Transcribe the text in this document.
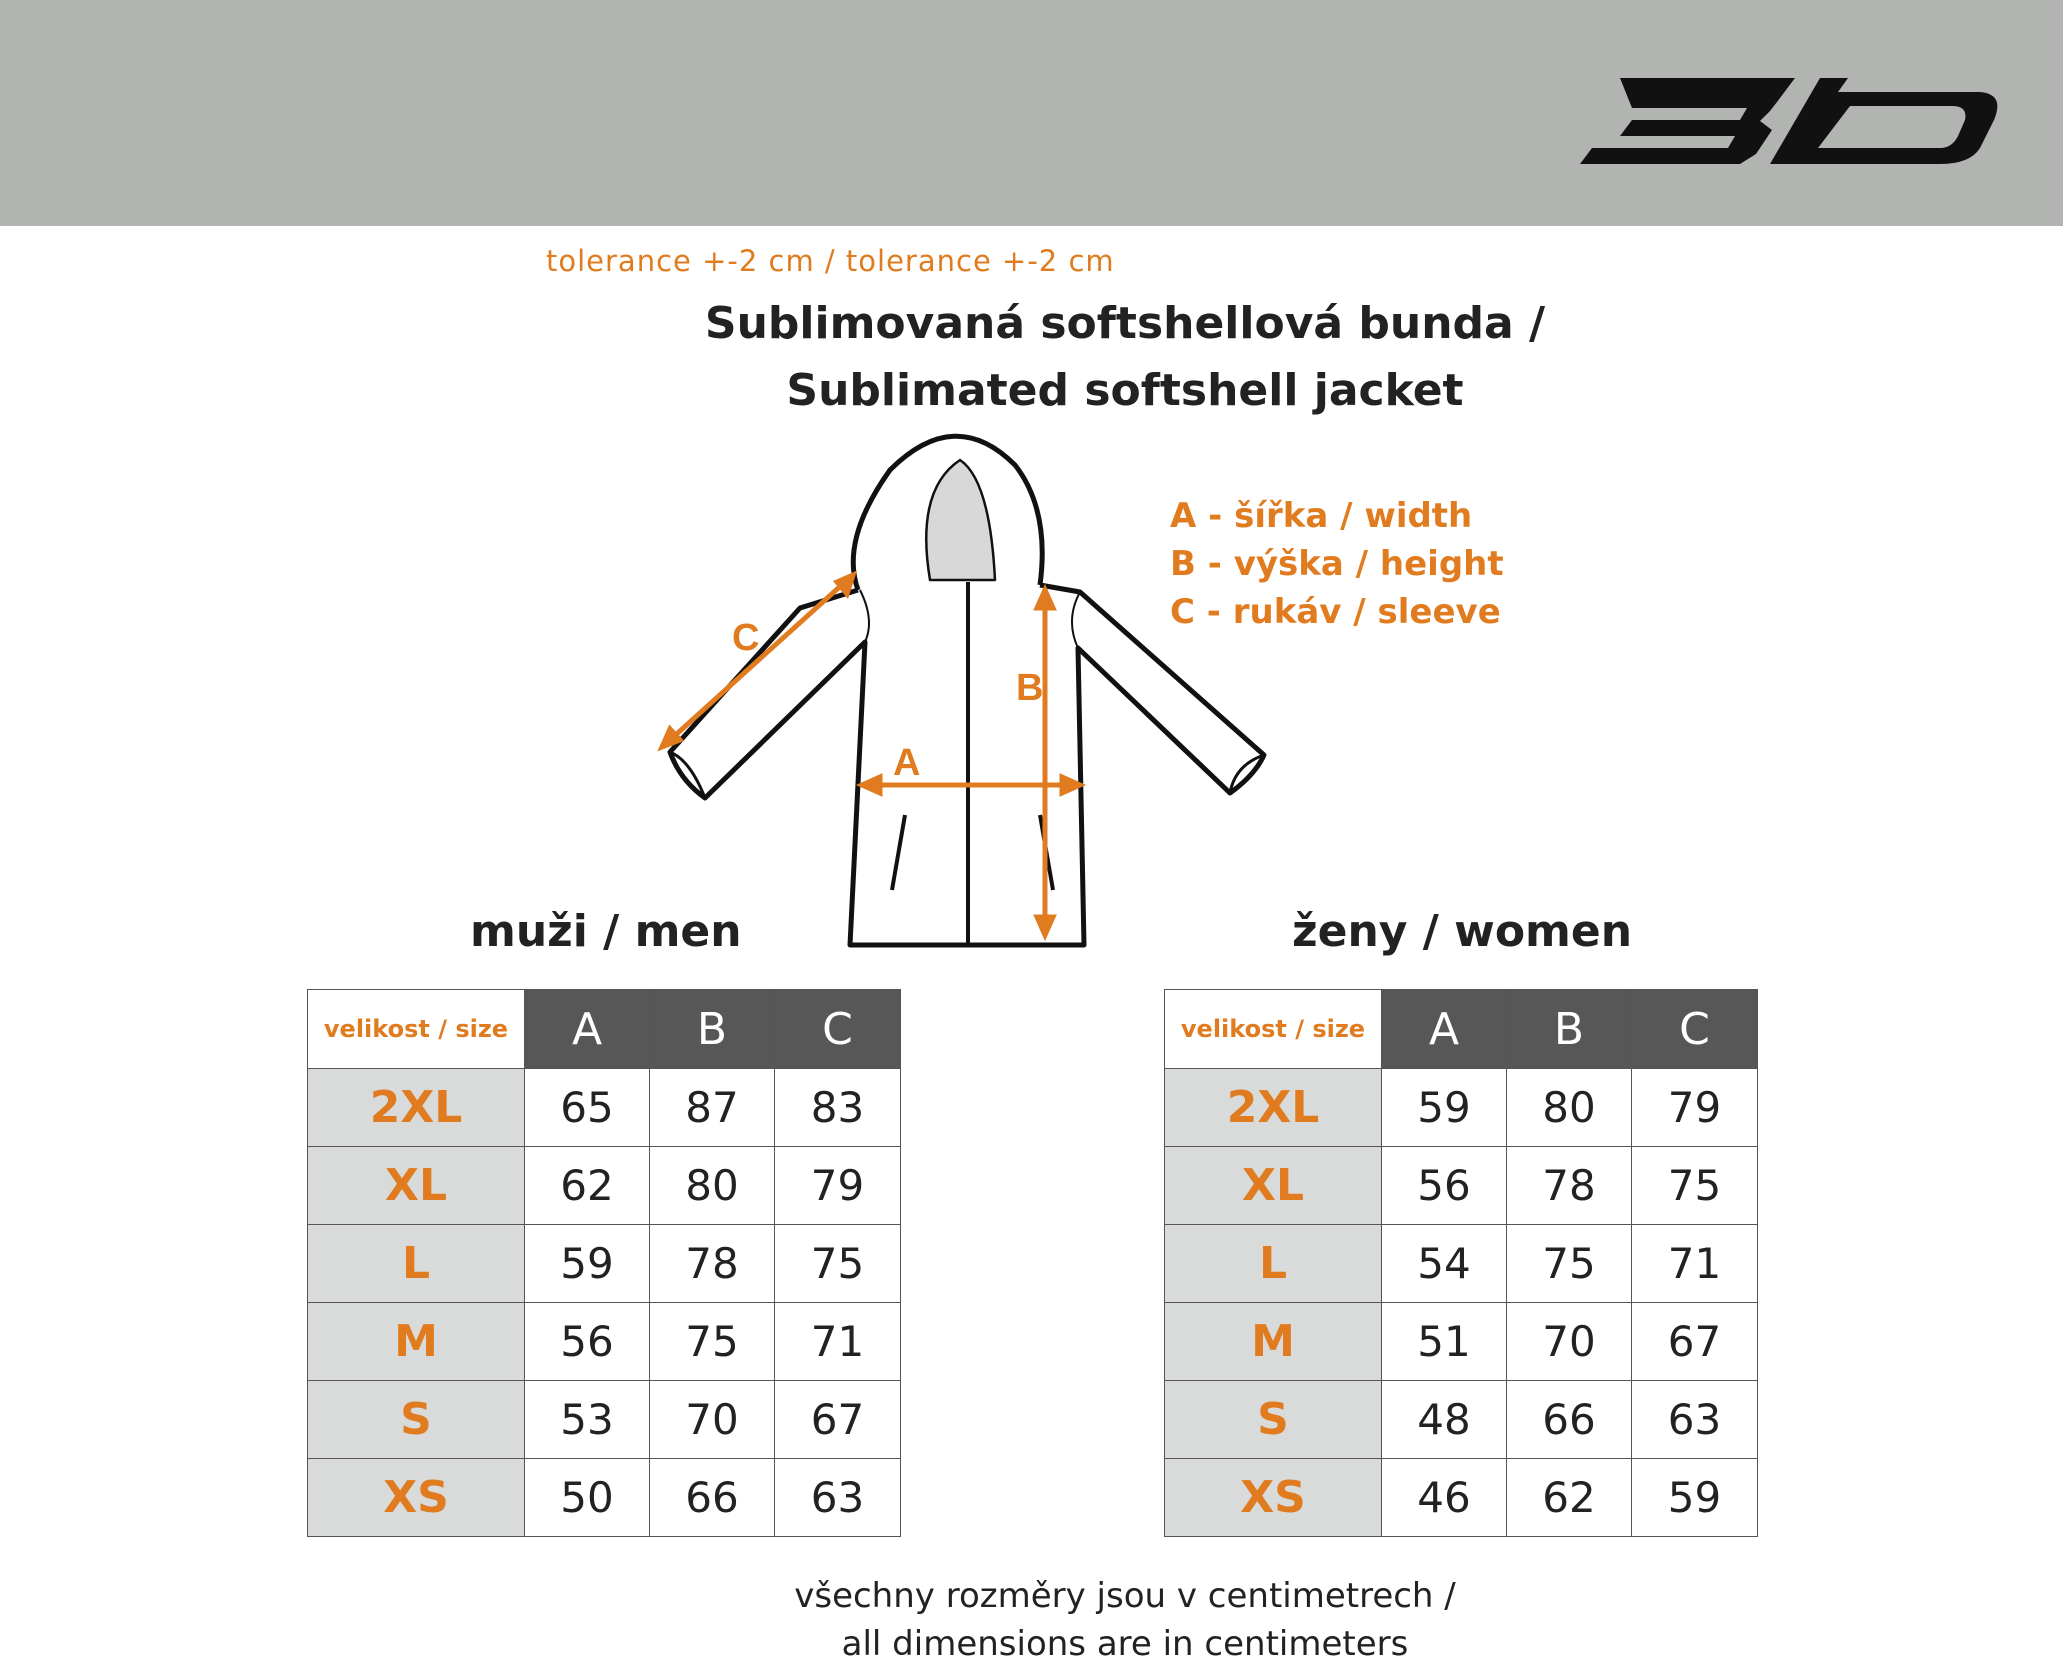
tolerance +-2 cm / tolerance +-2 cm
Sublimovaná softshellová bunda /
Sublimated softshell jacket
A
B
C
A - šířka / width
B - výška / height
C - rukáv / sleeve
muži / men	ženy / women
velikost / size	A	B	C
2XL	65	87	83
XL	62	80	79
L	59	78	75
M	56	75	71
S	53	70	67
XS	50	66	63
velikost / size	A	B	C
2XL	59	80	79
XL	56	78	75
L	54	75	71
M	51	70	67
S	48	66	63
XS	46	62	59
všechny rozměry jsou v centimetrech /
all dimensions are in centimeters
